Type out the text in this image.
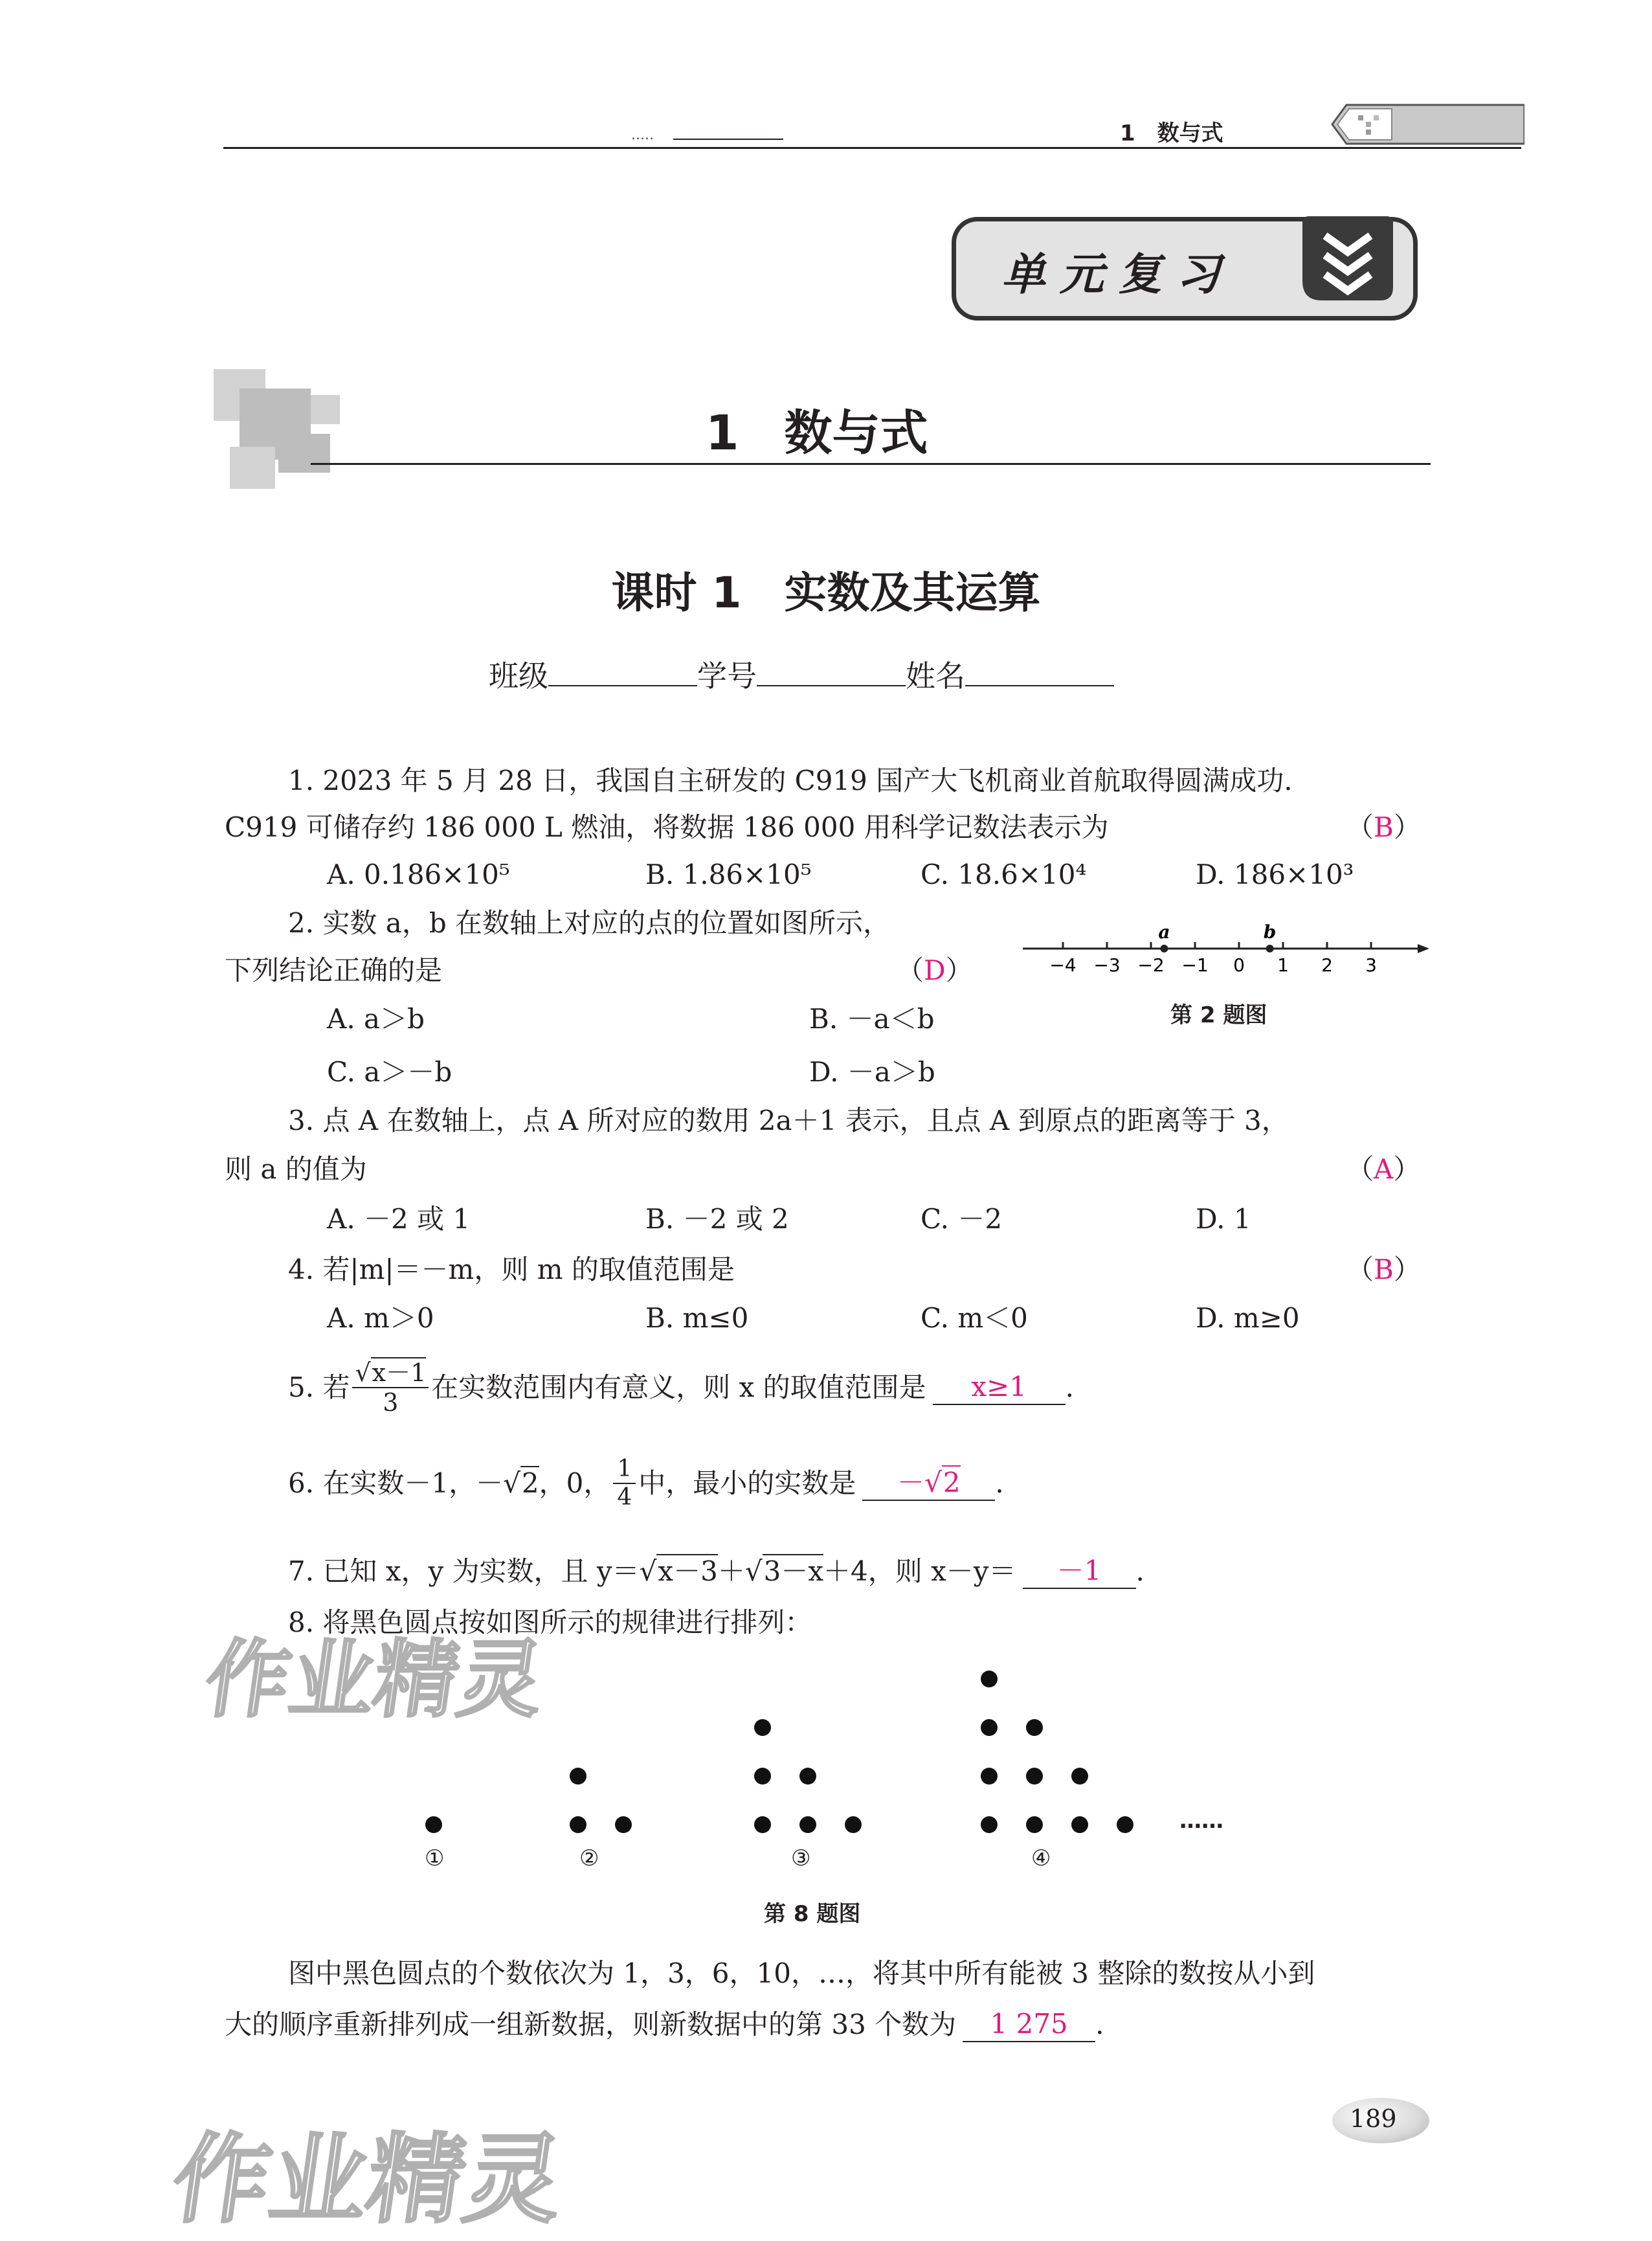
.....	1　数与式
单元复习
1 数与式
课时 1　实数及其运算
班级	学号	姓名
1. 2023 年 5 月 28 日，我国自主研发的 C919 国产大飞机商业首航取得圆满成功.
C919 可储存约 186 000 L 燃油，将数据 186 000 用科学记数法表示为	（B）
A. 0.186×10⁵	B. 1.86×10⁵	C. 18.6×10⁴	D. 186×10³
2. 实数 a，b 在数轴上对应的点的位置如图所示，
下列结论正确的是	（D）
A. a＞b	B. －a＜b
C. a＞－b	D. －a＞b
−4 −3 −2 −1 0 1 2 3
a	b
第 2 题图
3. 点 A 在数轴上，点 A 所对应的数用 2a＋1 表示，且点 A 到原点的距离等于 3，
则 a 的值为	（A）
A. －2 或 1	B. －2 或 2	C. －2	D. 1
4. 若|m|＝－m，则 m 的取值范围是	（B）
A. m＞0	B. m≤0	C. m＜0	D. m≥0
5. 若 $\frac{√x-1}{3}$ 在实数范围内有意义，则 x 的取值范围是	x≥1	.
6. 在实数－1，－ √2 ，0， $\frac{1}{4}$ 中，最小的实数是	－√2	.
7. 已知 x，y 为实数，且 y＝ √x－3 ＋ √3－x ＋4，则 x－y＝	－1	.
8. 将黑色圆点按如图所示的规律进行排列：
①	②	③	④
……
第 8 题图
图中黑色圆点的个数依次为 1，3，6，10，…，将其中所有能被 3 整除的数按从小到
大的顺序重新排列成一组新数据，则新数据中的第 33 个数为	1 275	.
189
作业精灵
作业精灵
